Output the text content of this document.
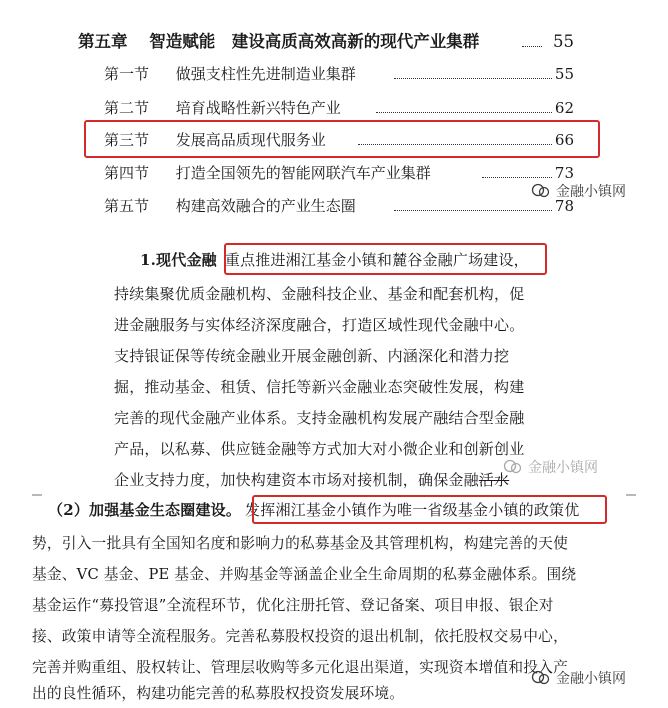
第五章 智造赋能　建设高质高效高新的现代产业集群	55
第一节 做强支柱性先进制造业集群	55
第二节 培育战略性新兴特色产业	62
第三节 发展高品质现代服务业	66
第四节 打造全国领先的智能网联汽车产业集群	73
第五节 构建高效融合的产业生态圈	78
金融小镇网
1.现代金融 重点推进湘江基金小镇和麓谷金融广场建设，
持续集聚优质金融机构、金融科技企业、基金和配套机构，促
进金融服务与实体经济深度融合，打造区域性现代金融中心。
支持银证保等传统金融业开展金融创新、内涵深化和潜力挖
掘，推动基金、租赁、信托等新兴金融业态突破性发展，构建
完善的现代金融产业体系。支持金融机构发展产融结合型金融
产品，以私募、供应链金融等方式加大对小微企业和创新创业
企业支持力度，加快构建资本市场对接机制，确保金融活水
金融小镇网
（2）加强基金生态圈建设。 发挥湘江基金小镇作为唯一省级基金小镇的政策优
势，引入一批具有全国知名度和影响力的私募基金及其管理机构，构建完善的天使
基金、VC 基金、PE 基金、并购基金等涵盖企业全生命周期的私募金融体系。围绕
基金运作“募投管退”全流程环节，优化注册托管、登记备案、项目申报、银企对
接、政策申请等全流程服务。完善私募股权投资的退出机制，依托股权交易中心，
完善并购重组、股权转让、管理层收购等多元化退出渠道，实现资本增值和投入产
出的良性循环，构建功能完善的私募股权投资发展环境。
金融小镇网
